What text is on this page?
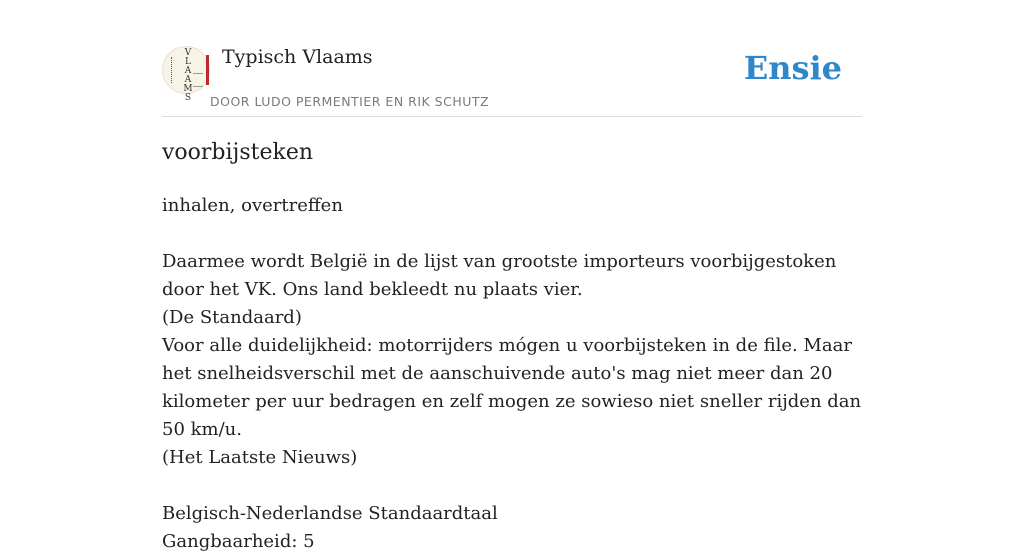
V
L
A
A
M
S
Typisch Vlaams
DOOR LUDO PERMENTIER EN RIK SCHUTZ
Ensie
voorbijsteken

inhalen, overtreffen

Daarmee wordt België in de lijst van grootste importeurs voorbijgestoken door het VK. Ons land bekleedt nu plaats vier.

(De Standaard)

Voor alle duidelijkheid: motorrijders mógen u voorbijsteken in de file. Maar het snelheidsverschil met de aanschuivende auto's mag niet meer dan 20 kilometer per uur bedragen en zelf mogen ze sowieso niet sneller rijden dan 50 km/u.

(Het Laatste Nieuws)

Belgisch-Nederlandse Standaardtaal

Gangbaarheid: 5
